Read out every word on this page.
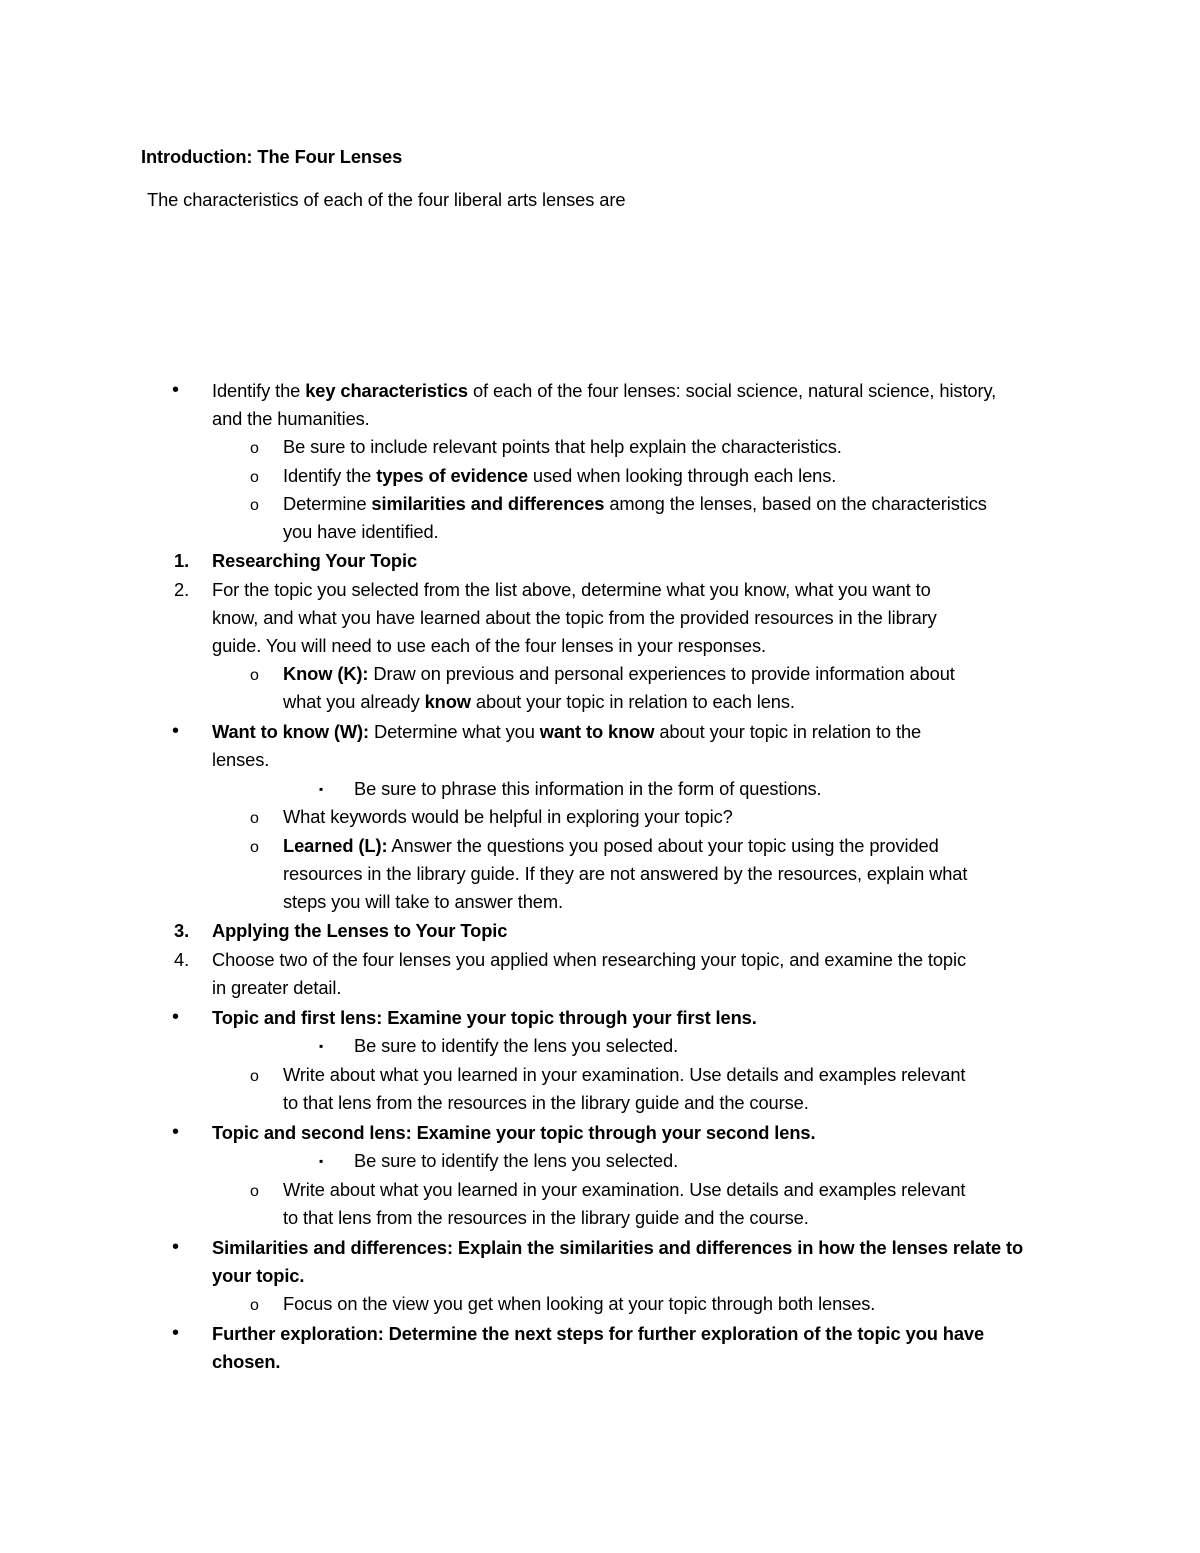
Introduction: The Four Lenses
The characteristics of each of the four liberal arts lenses are
• Identify the key characteristics of each of the four lenses: social science, natural science, history,
and the humanities.
o Be sure to include relevant points that help explain the characteristics.
o Identify the types of evidence used when looking through each lens.
o Determine similarities and differences among the lenses, based on the characteristics
you have identified.
1. Researching Your Topic
2. For the topic you selected from the list above, determine what you know, what you want to
know, and what you have learned about the topic from the provided resources in the library
guide. You will need to use each of the four lenses in your responses.
o Know (K): Draw on previous and personal experiences to provide information about
what you already know about your topic in relation to each lens.
• Want to know (W): Determine what you want to know about your topic in relation to the
lenses.
▪ Be sure to phrase this information in the form of questions.
o What keywords would be helpful in exploring your topic?
o Learned (L): Answer the questions you posed about your topic using the provided
resources in the library guide. If they are not answered by the resources, explain what
steps you will take to answer them.
3. Applying the Lenses to Your Topic
4. Choose two of the four lenses you applied when researching your topic, and examine the topic
in greater detail.
• Topic and first lens: Examine your topic through your first lens.
▪ Be sure to identify the lens you selected.
o Write about what you learned in your examination. Use details and examples relevant
to that lens from the resources in the library guide and the course.
• Topic and second lens: Examine your topic through your second lens.
▪ Be sure to identify the lens you selected.
o Write about what you learned in your examination. Use details and examples relevant
to that lens from the resources in the library guide and the course.
• Similarities and differences: Explain the similarities and differences in how the lenses relate to
your topic.
o Focus on the view you get when looking at your topic through both lenses.
• Further exploration: Determine the next steps for further exploration of the topic you have
chosen.
